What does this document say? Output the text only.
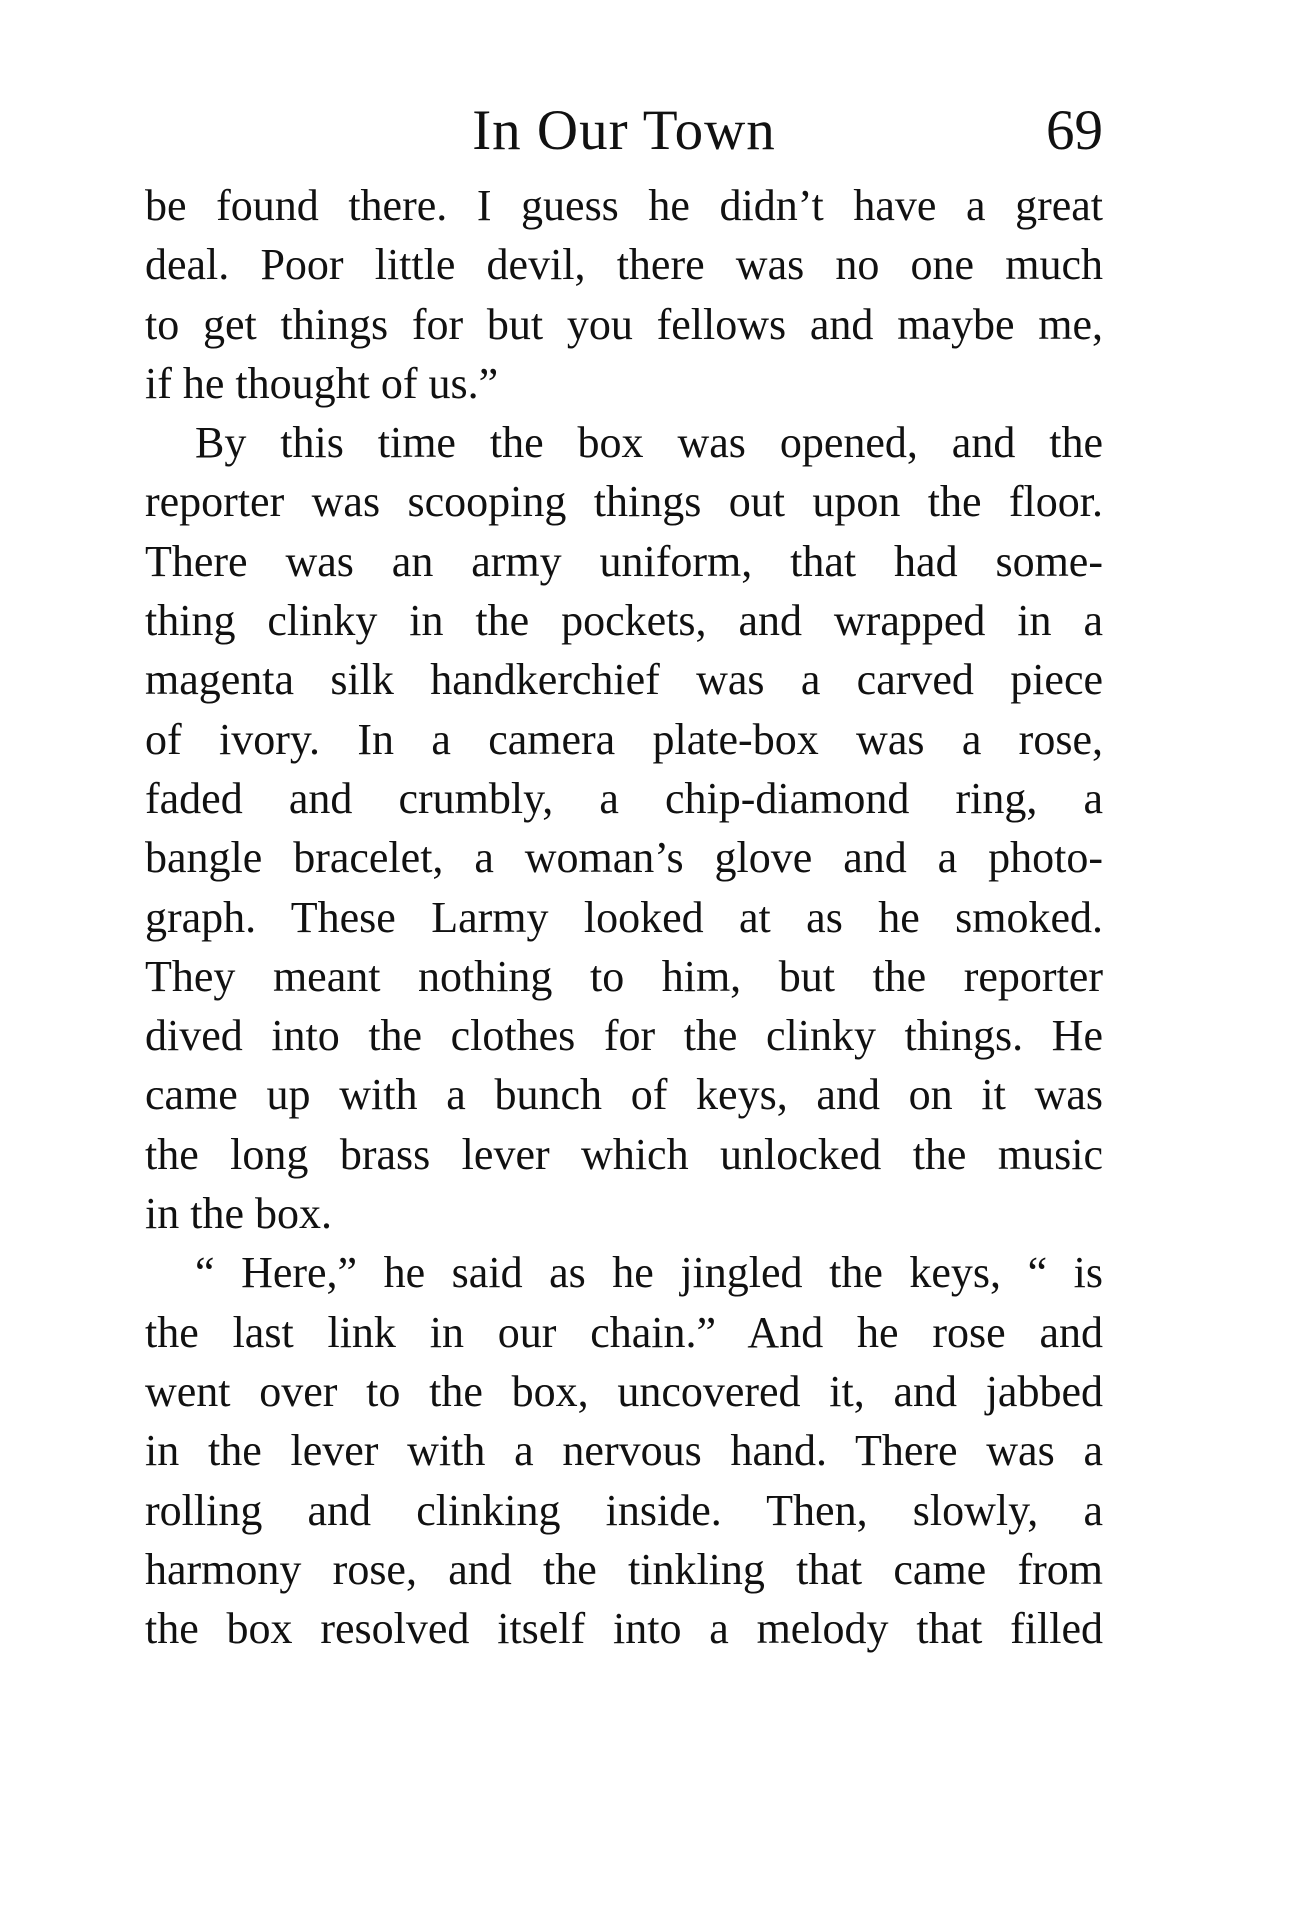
In Our Town	69
be found there. I guess he didn’t have a great
deal. Poor little devil, there was no one much
to get things for but you fellows and maybe me,
if he thought of us.”
By this time the box was opened, and the
reporter was scooping things out upon the floor.
There was an army uniform, that had some-
thing clinky in the pockets, and wrapped in a
magenta silk handkerchief was a carved piece
of ivory. In a camera plate-box was a rose,
faded and crumbly, a chip-diamond ring, a
bangle bracelet, a woman’s glove and a photo-
graph. These Larmy looked at as he smoked.
They meant nothing to him, but the reporter
dived into the clothes for the clinky things. He
came up with a bunch of keys, and on it was
the long brass lever which unlocked the music
in the box.
“ Here,” he said as he jingled the keys, “ is
the last link in our chain.” And he rose and
went over to the box, uncovered it, and jabbed
in the lever with a nervous hand. There was a
rolling and clinking inside. Then, slowly, a
harmony rose, and the tinkling that came from
the box resolved itself into a melody that filled
